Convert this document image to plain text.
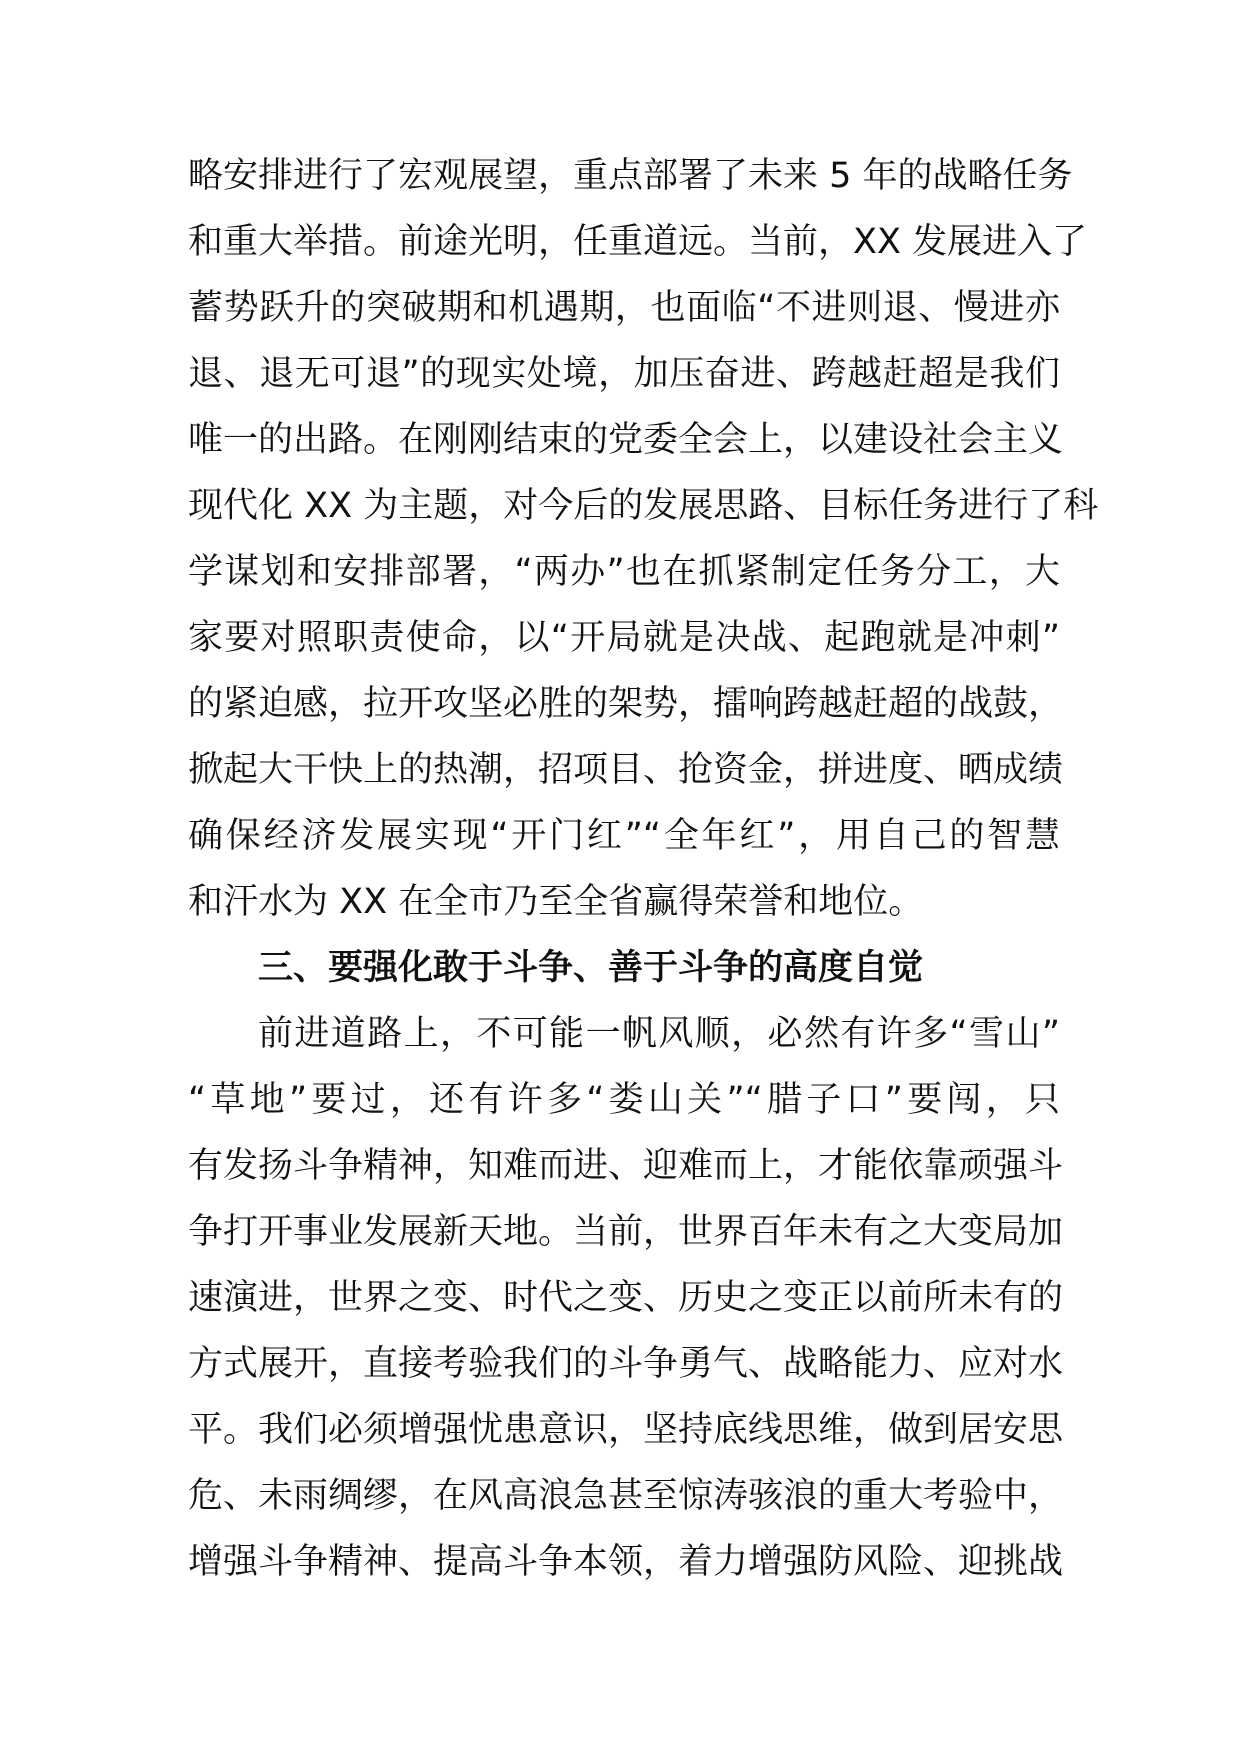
略安排进行了宏观展望，重点部署了未来 5 年的战略任务
和重大举措。前途光明，任重道远。当前，XX 发展进入了
蓄势跃升的突破期和机遇期，也面临“不进则退、慢进亦
退、退无可退”的现实处境，加压奋进、跨越赶超是我们
唯一的出路。在刚刚结束的党委全会上，以建设社会主义
现代化 XX 为主题，对今后的发展思路、目标任务进行了科
学谋划和安排部署，“两办”也在抓紧制定任务分工，大
家要对照职责使命，以“开局就是决战、起跑就是冲刺”
的紧迫感，拉开攻坚必胜的架势，擂响跨越赶超的战鼓，
掀起大干快上的热潮，招项目、抢资金，拼进度、晒成绩
确保经济发展实现“开门红”“全年红”，用自己的智慧
和汗水为 XX 在全市乃至全省赢得荣誉和地位。
三、要强化敢于斗争、善于斗争的高度自觉
前进道路上，不可能一帆风顺，必然有许多“雪山”
“草地”要过，还有许多“娄山关”“腊子口”要闯，只
有发扬斗争精神，知难而进、迎难而上，才能依靠顽强斗
争打开事业发展新天地。当前，世界百年未有之大变局加
速演进，世界之变、时代之变、历史之变正以前所未有的
方式展开，直接考验我们的斗争勇气、战略能力、应对水
平。我们必须增强忧患意识，坚持底线思维，做到居安思
危、未雨绸缪，在风高浪急甚至惊涛骇浪的重大考验中，
增强斗争精神、提高斗争本领，着力增强防风险、迎挑战
